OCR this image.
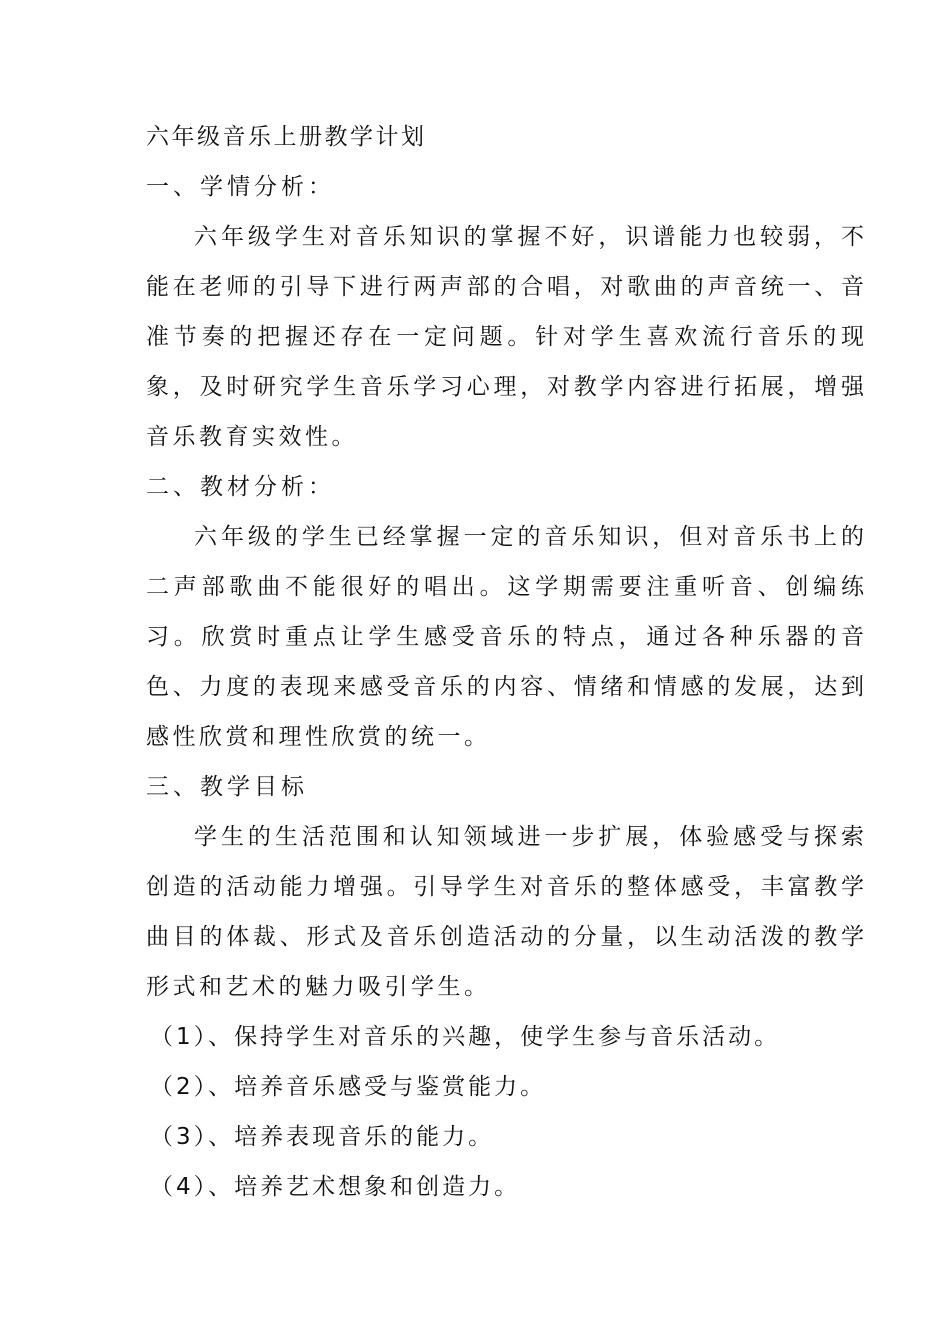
六年级音乐上册教学计划
一、学情分析：
六年级学生对音乐知识的掌握不好，识谱能力也较弱，不
能在老师的引导下进行两声部的合唱，对歌曲的声音统一、音
准节奏的把握还存在一定问题。针对学生喜欢流行音乐的现
象，及时研究学生音乐学习心理，对教学内容进行拓展，增强
音乐教育实效性。
二、教材分析：
六年级的学生已经掌握一定的音乐知识，但对音乐书上的
二声部歌曲不能很好的唱出。这学期需要注重听音、创编练
习。欣赏时重点让学生感受音乐的特点，通过各种乐器的音
色、力度的表现来感受音乐的内容、情绪和情感的发展，达到
感性欣赏和理性欣赏的统一。
三、教学目标
学生的生活范围和认知领域进一步扩展，体验感受与探索
创造的活动能力增强。引导学生对音乐的整体感受，丰富教学
曲目的体裁、形式及音乐创造活动的分量，以生动活泼的教学
形式和艺术的魅力吸引学生。
（1）、保持学生对音乐的兴趣，使学生参与音乐活动。
（2）、培养音乐感受与鉴赏能力。
（3）、培养表现音乐的能力。
（4）、培养艺术想象和创造力。
